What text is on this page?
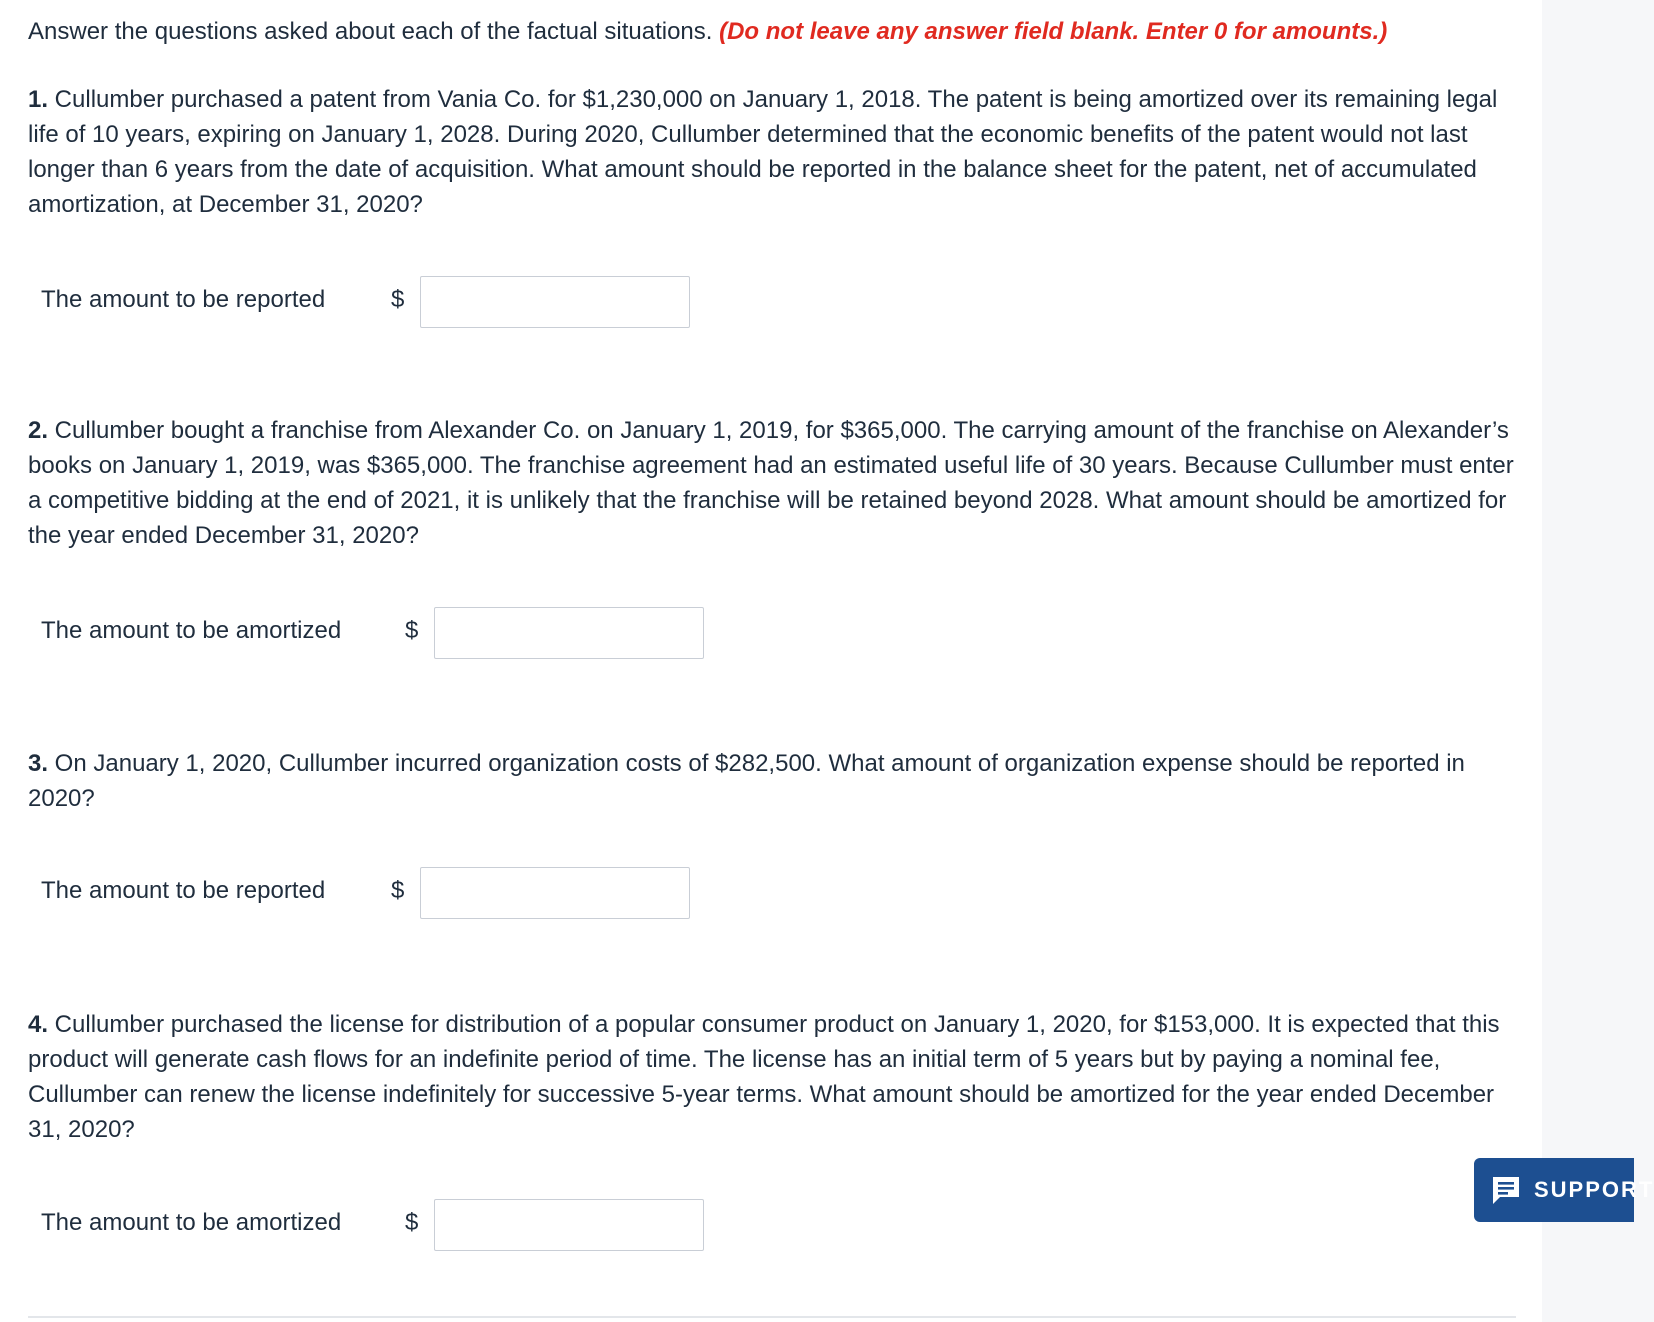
Answer the questions asked about each of the factual situations. (Do not leave any answer field blank. Enter 0 for amounts.)
1. Cullumber purchased a patent from Vania Co. for $1,230,000 on January 1, 2018. The patent is being amortized over its remaining legal life of 10 years, expiring on January 1, 2028. During 2020, Cullumber determined that the economic benefits of the patent would not last longer than 6 years from the date of acquisition. What amount should be reported in the balance sheet for the patent, net of accumulated amortization, at December 31, 2020?
The amount to be reported	$
2. Cullumber bought a franchise from Alexander Co. on January 1, 2019, for $365,000. The carrying amount of the franchise on Alexander’s books on January 1, 2019, was $365,000. The franchise agreement had an estimated useful life of 30 years. Because Cullumber must enter a competitive bidding at the end of 2021, it is unlikely that the franchise will be retained beyond 2028. What amount should be amortized for the year ended December 31, 2020?
The amount to be amortized	$
3. On January 1, 2020, Cullumber incurred organization costs of $282,500. What amount of organization expense should be reported in 2020?
The amount to be reported	$
4. Cullumber purchased the license for distribution of a popular consumer product on January 1, 2020, for $153,000. It is expected that this product will generate cash flows for an indefinite period of time. The license has an initial term of 5 years but by paying a nominal fee, Cullumber can renew the license indefinitely for successive 5-year terms. What amount should be amortized for the year ended December 31, 2020?
The amount to be amortized	$
SUPPORT
